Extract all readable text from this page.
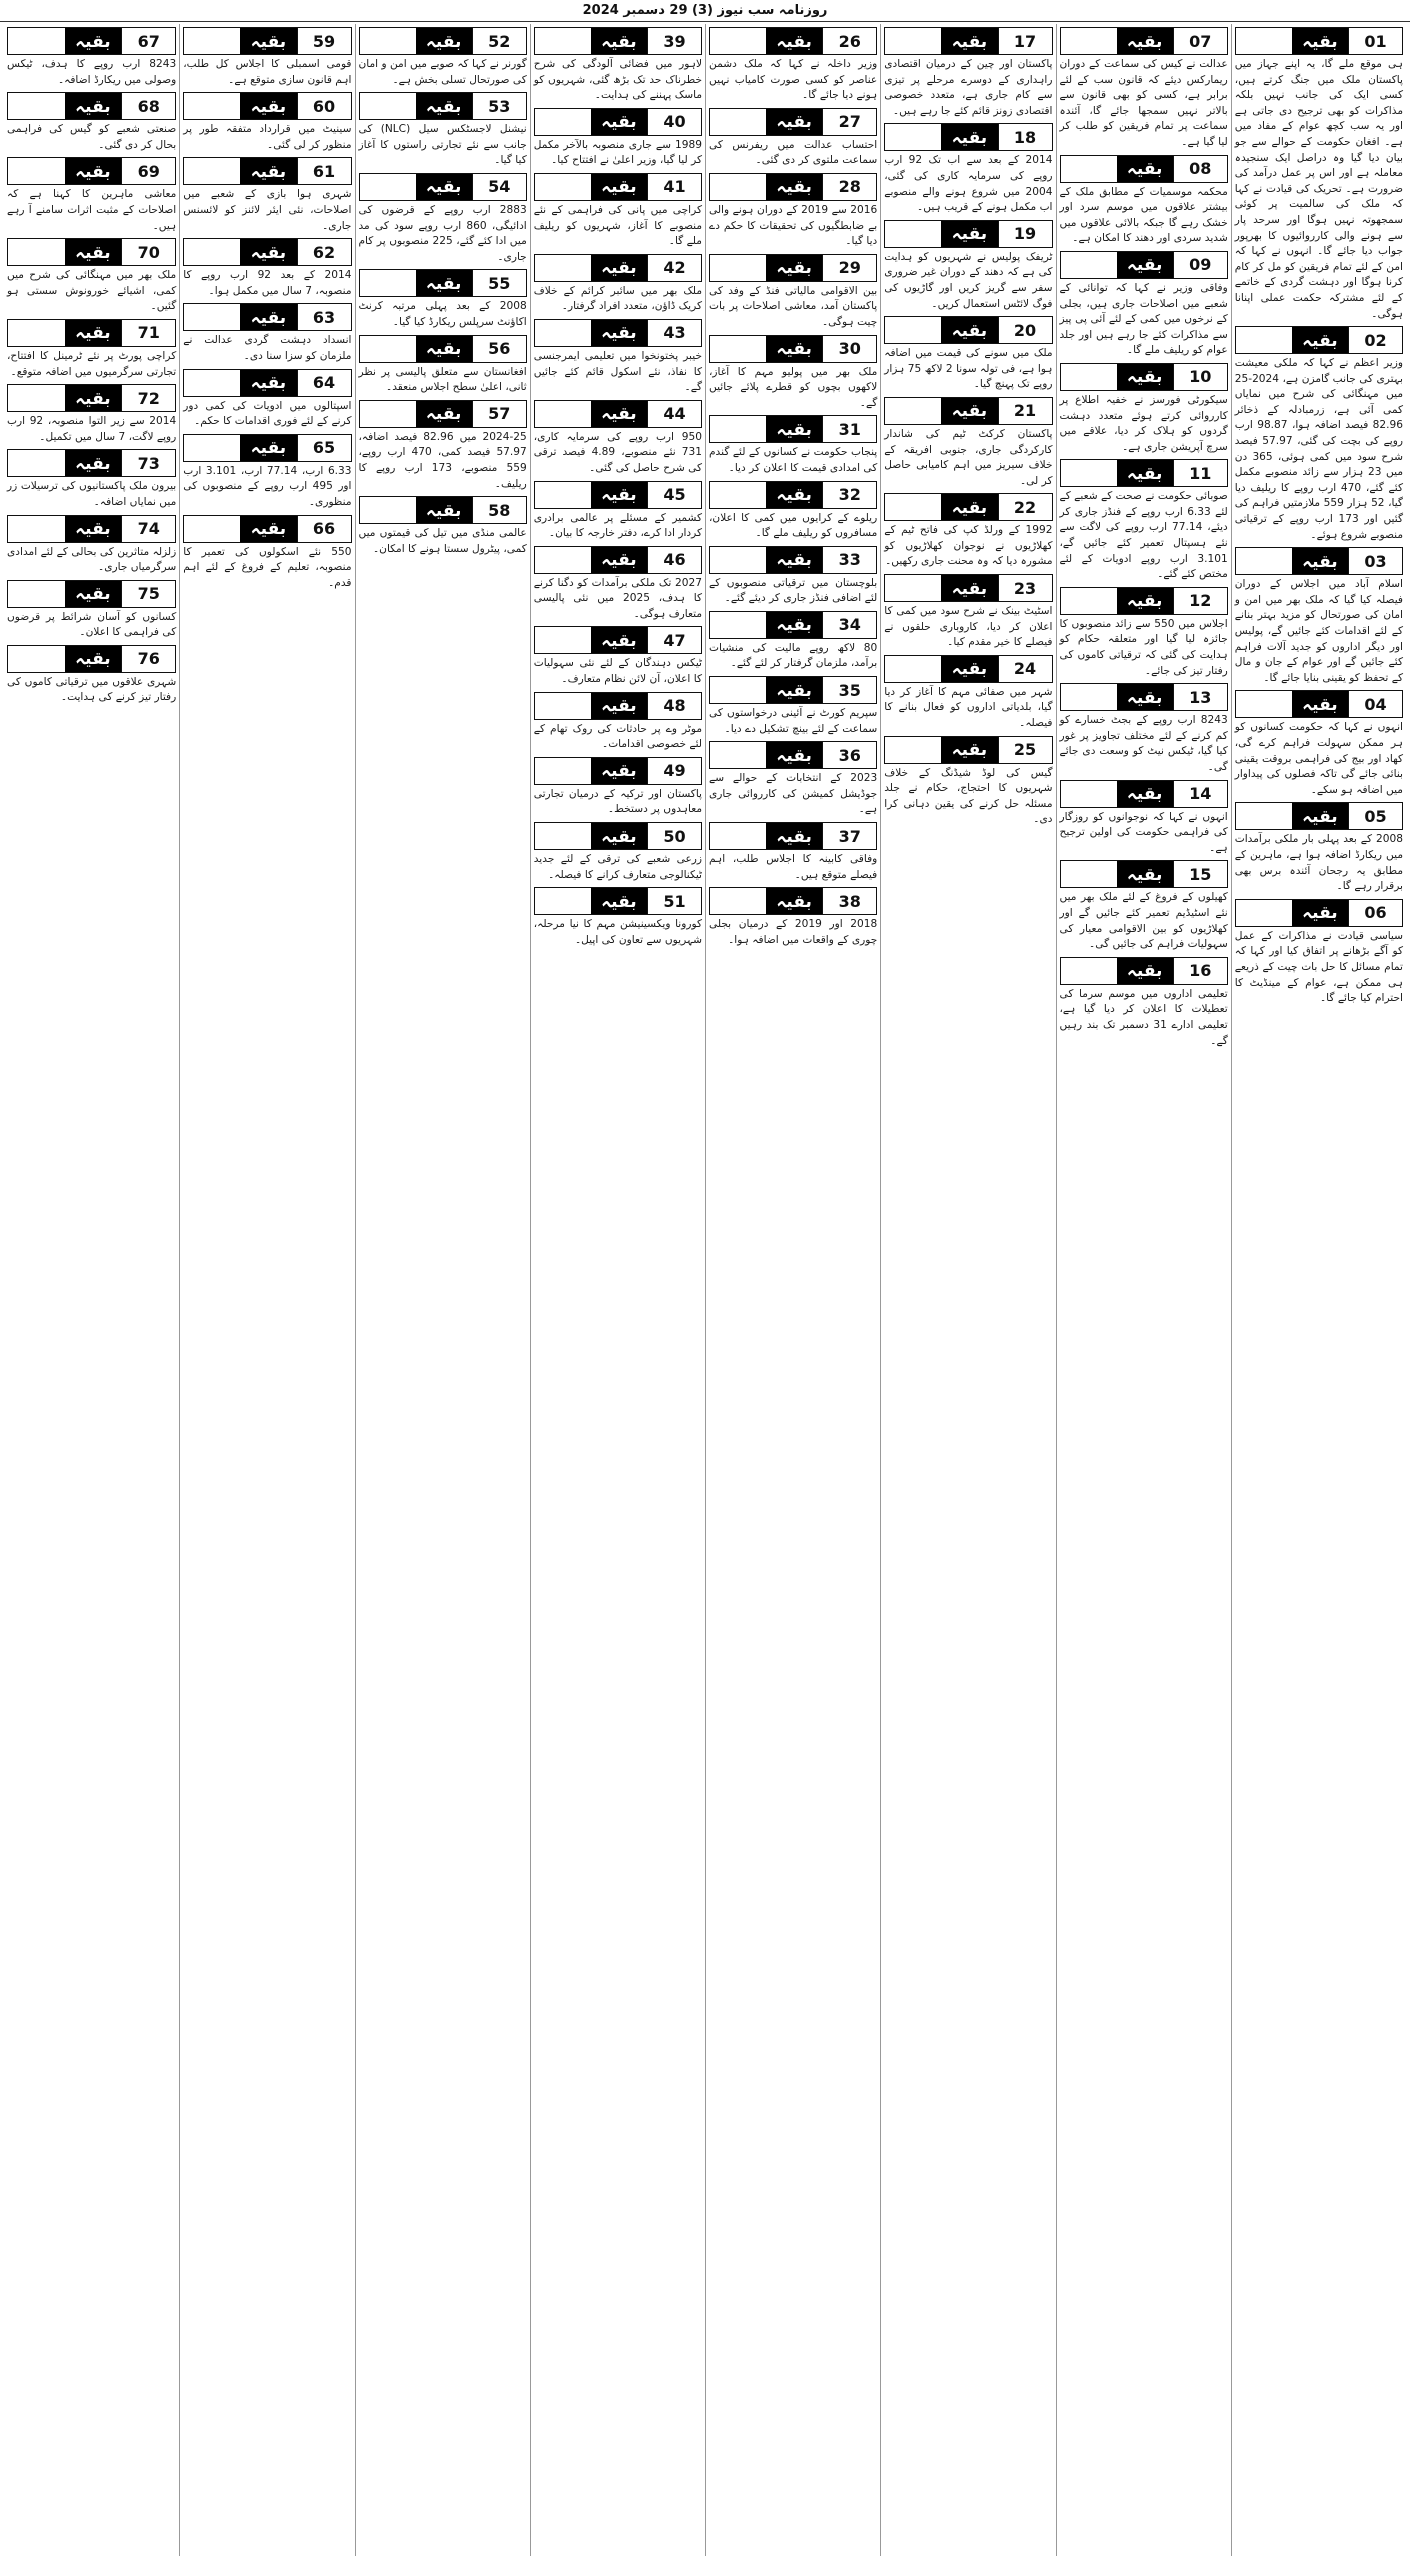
روزنامہ سب نیوز (3) 29 دسمبر 2024
01
بقیہ

ہی موقع ملے گا، یہ اپنے جہاز میں پاکستان ملک میں جنگ کرتے ہیں، کسی ایک کی جانب نہیں بلکہ مذاکرات کو بھی ترجیح دی جاتی ہے اور یہ سب کچھ عوام کے مفاد میں ہے۔ افغان حکومت کے حوالے سے جو بیان دیا گیا وہ دراصل ایک سنجیدہ معاملہ ہے اور اس پر عمل درآمد کی ضرورت ہے۔ تحریک کی قیادت نے کہا کہ ملک کی سالمیت پر کوئی سمجھوتہ نہیں ہوگا اور سرحد پار سے ہونے والی کارروائیوں کا بھرپور جواب دیا جائے گا۔ انہوں نے کہا کہ امن کے لئے تمام فریقین کو مل کر کام کرنا ہوگا اور دہشت گردی کے خاتمے کے لئے مشترکہ حکمت عملی اپنانا ہوگی۔

02
بقیہ

وزیر اعظم نے کہا کہ ملکی معیشت بہتری کی جانب گامزن ہے، 2024-25 میں مہنگائی کی شرح میں نمایاں کمی آئی ہے، زرمبادلہ کے ذخائر 82.96 فیصد اضافہ ہوا، 98.87 ارب روپے کی بچت کی گئی، 57.97 فیصد شرح سود میں کمی ہوئی، 365 دن میں 23 ہزار سے زائد منصوبے مکمل کئے گئے، 470 ارب روپے کا ریلیف دیا گیا، 52 ہزار 559 ملازمتیں فراہم کی گئیں اور 173 ارب روپے کے ترقیاتی منصوبے شروع ہوئے۔

03
بقیہ

اسلام آباد میں اجلاس کے دوران فیصلہ کیا گیا کہ ملک بھر میں امن و امان کی صورتحال کو مزید بہتر بنانے کے لئے اقدامات کئے جائیں گے، پولیس اور دیگر اداروں کو جدید آلات فراہم کئے جائیں گے اور عوام کے جان و مال کے تحفظ کو یقینی بنایا جائے گا۔

04
بقیہ

انہوں نے کہا کہ حکومت کسانوں کو ہر ممکن سہولت فراہم کرے گی، کھاد اور بیج کی فراہمی بروقت یقینی بنائی جائے گی تاکہ فصلوں کی پیداوار میں اضافہ ہو سکے۔

05
بقیہ

2008 کے بعد پہلی بار ملکی برآمدات میں ریکارڈ اضافہ ہوا ہے، ماہرین کے مطابق یہ رجحان آئندہ برس بھی برقرار رہے گا۔

06
بقیہ

سیاسی قیادت نے مذاکرات کے عمل کو آگے بڑھانے پر اتفاق کیا اور کہا کہ تمام مسائل کا حل بات چیت کے ذریعے ہی ممکن ہے، عوام کے مینڈیٹ کا احترام کیا جائے گا۔

07
بقیہ

عدالت نے کیس کی سماعت کے دوران ریمارکس دیئے کہ قانون سب کے لئے برابر ہے، کسی کو بھی قانون سے بالاتر نہیں سمجھا جائے گا، آئندہ سماعت پر تمام فریقین کو طلب کر لیا گیا ہے۔

08
بقیہ

محکمہ موسمیات کے مطابق ملک کے بیشتر علاقوں میں موسم سرد اور خشک رہے گا جبکہ بالائی علاقوں میں شدید سردی اور دھند کا امکان ہے۔

09
بقیہ

وفاقی وزیر نے کہا کہ توانائی کے شعبے میں اصلاحات جاری ہیں، بجلی کے نرخوں میں کمی کے لئے آئی پی پیز سے مذاکرات کئے جا رہے ہیں اور جلد عوام کو ریلیف ملے گا۔

10
بقیہ

سیکورٹی فورسز نے خفیہ اطلاع پر کارروائی کرتے ہوئے متعدد دہشت گردوں کو ہلاک کر دیا، علاقے میں سرچ آپریشن جاری ہے۔

11
بقیہ

صوبائی حکومت نے صحت کے شعبے کے لئے 6.33 ارب روپے کے فنڈز جاری کر دیئے، 77.14 ارب روپے کی لاگت سے نئے ہسپتال تعمیر کئے جائیں گے، 3.101 ارب روپے ادویات کے لئے مختص کئے گئے۔

12
بقیہ

اجلاس میں 550 سے زائد منصوبوں کا جائزہ لیا گیا اور متعلقہ حکام کو ہدایت کی گئی کہ ترقیاتی کاموں کی رفتار تیز کی جائے۔

13
بقیہ

8243 ارب روپے کے بجٹ خسارے کو کم کرنے کے لئے مختلف تجاویز پر غور کیا گیا، ٹیکس نیٹ کو وسعت دی جائے گی۔

14
بقیہ

انہوں نے کہا کہ نوجوانوں کو روزگار کی فراہمی حکومت کی اولین ترجیح ہے۔

15
بقیہ

کھیلوں کے فروغ کے لئے ملک بھر میں نئے اسٹیڈیم تعمیر کئے جائیں گے اور کھلاڑیوں کو بین الاقوامی معیار کی سہولیات فراہم کی جائیں گی۔

16
بقیہ

تعلیمی اداروں میں موسم سرما کی تعطیلات کا اعلان کر دیا گیا ہے، تعلیمی ادارے 31 دسمبر تک بند رہیں گے۔

17
بقیہ

پاکستان اور چین کے درمیان اقتصادی راہداری کے دوسرے مرحلے پر تیزی سے کام جاری ہے، متعدد خصوصی اقتصادی زونز قائم کئے جا رہے ہیں۔

18
بقیہ

2014 کے بعد سے اب تک 92 ارب روپے کی سرمایہ کاری کی گئی، 2004 میں شروع ہونے والے منصوبے اب مکمل ہونے کے قریب ہیں۔

19
بقیہ

ٹریفک پولیس نے شہریوں کو ہدایت کی ہے کہ دھند کے دوران غیر ضروری سفر سے گریز کریں اور گاڑیوں کی فوگ لائٹس استعمال کریں۔

20
بقیہ

ملک میں سونے کی قیمت میں اضافہ ہوا ہے، فی تولہ سونا 2 لاکھ 75 ہزار روپے تک پہنچ گیا۔

21
بقیہ

پاکستان کرکٹ ٹیم کی شاندار کارکردگی جاری، جنوبی افریقہ کے خلاف سیریز میں اہم کامیابی حاصل کر لی۔

22
بقیہ

1992 کے ورلڈ کپ کی فاتح ٹیم کے کھلاڑیوں نے نوجوان کھلاڑیوں کو مشورہ دیا کہ وہ محنت جاری رکھیں۔

23
بقیہ

اسٹیٹ بینک نے شرح سود میں کمی کا اعلان کر دیا، کاروباری حلقوں نے فیصلے کا خیر مقدم کیا۔

24
بقیہ

شہر میں صفائی مہم کا آغاز کر دیا گیا، بلدیاتی اداروں کو فعال بنانے کا فیصلہ۔

25
بقیہ

گیس کی لوڈ شیڈنگ کے خلاف شہریوں کا احتجاج، حکام نے جلد مسئلہ حل کرنے کی یقین دہانی کرا دی۔

26
بقیہ

وزیر داخلہ نے کہا کہ ملک دشمن عناصر کو کسی صورت کامیاب نہیں ہونے دیا جائے گا۔

27
بقیہ

احتساب عدالت میں ریفرنس کی سماعت ملتوی کر دی گئی۔

28
بقیہ

2016 سے 2019 کے دوران ہونے والی بے ضابطگیوں کی تحقیقات کا حکم دے دیا گیا۔

29
بقیہ

بین الاقوامی مالیاتی فنڈ کے وفد کی پاکستان آمد، معاشی اصلاحات پر بات چیت ہوگی۔

30
بقیہ

ملک بھر میں پولیو مہم کا آغاز، لاکھوں بچوں کو قطرے پلائے جائیں گے۔

31
بقیہ

پنجاب حکومت نے کسانوں کے لئے گندم کی امدادی قیمت کا اعلان کر دیا۔

32
بقیہ

ریلوے کے کرایوں میں کمی کا اعلان، مسافروں کو ریلیف ملے گا۔

33
بقیہ

بلوچستان میں ترقیاتی منصوبوں کے لئے اضافی فنڈز جاری کر دیئے گئے۔

34
بقیہ

80 لاکھ روپے مالیت کی منشیات برآمد، ملزمان گرفتار کر لئے گئے۔

35
بقیہ

سپریم کورٹ نے آئینی درخواستوں کی سماعت کے لئے بینچ تشکیل دے دیا۔

36
بقیہ

2023 کے انتخابات کے حوالے سے جوڈیشل کمیشن کی کارروائی جاری ہے۔

37
بقیہ

وفاقی کابینہ کا اجلاس طلب، اہم فیصلے متوقع ہیں۔

38
بقیہ

2018 اور 2019 کے درمیان بجلی چوری کے واقعات میں اضافہ ہوا۔

39
بقیہ

لاہور میں فضائی آلودگی کی شرح خطرناک حد تک بڑھ گئی، شہریوں کو ماسک پہننے کی ہدایت۔

40
بقیہ

1989 سے جاری منصوبہ بالآخر مکمل کر لیا گیا، وزیر اعلیٰ نے افتتاح کیا۔

41
بقیہ

کراچی میں پانی کی فراہمی کے نئے منصوبے کا آغاز، شہریوں کو ریلیف ملے گا۔

42
بقیہ

ملک بھر میں سائبر کرائم کے خلاف کریک ڈاؤن، متعدد افراد گرفتار۔

43
بقیہ

خیبر پختونخوا میں تعلیمی ایمرجنسی کا نفاذ، نئے اسکول قائم کئے جائیں گے۔

44
بقیہ

950 ارب روپے کی سرمایہ کاری، 731 نئے منصوبے، 4.89 فیصد ترقی کی شرح حاصل کی گئی۔

45
بقیہ

کشمیر کے مسئلے پر عالمی برادری کردار ادا کرے، دفتر خارجہ کا بیان۔

46
بقیہ

2027 تک ملکی برآمدات کو دگنا کرنے کا ہدف، 2025 میں نئی پالیسی متعارف ہوگی۔

47
بقیہ

ٹیکس دہندگان کے لئے نئی سہولیات کا اعلان، آن لائن نظام متعارف۔

48
بقیہ

موٹر وے پر حادثات کی روک تھام کے لئے خصوصی اقدامات۔

49
بقیہ

پاکستان اور ترکیہ کے درمیان تجارتی معاہدوں پر دستخط۔

50
بقیہ

زرعی شعبے کی ترقی کے لئے جدید ٹیکنالوجی متعارف کرانے کا فیصلہ۔

51
بقیہ

کورونا ویکسینیشن مہم کا نیا مرحلہ، شہریوں سے تعاون کی اپیل۔

52
بقیہ

گورنر نے کہا کہ صوبے میں امن و امان کی صورتحال تسلی بخش ہے۔

53
بقیہ

نیشنل لاجسٹکس سیل (NLC) کی جانب سے نئے تجارتی راستوں کا آغاز کیا گیا۔

54
بقیہ

2883 ارب روپے کے قرضوں کی ادائیگی، 860 ارب روپے سود کی مد میں ادا کئے گئے، 225 منصوبوں پر کام جاری۔

55
بقیہ

2008 کے بعد پہلی مرتبہ کرنٹ اکاؤنٹ سرپلس ریکارڈ کیا گیا۔

56
بقیہ

افغانستان سے متعلق پالیسی پر نظر ثانی، اعلیٰ سطح اجلاس منعقد۔

57
بقیہ

2024-25 میں 82.96 فیصد اضافہ، 57.97 فیصد کمی، 470 ارب روپے، 559 منصوبے، 173 ارب روپے کا ریلیف۔

58
بقیہ

عالمی منڈی میں تیل کی قیمتوں میں کمی، پیٹرول سستا ہونے کا امکان۔

59
بقیہ

قومی اسمبلی کا اجلاس کل طلب، اہم قانون سازی متوقع ہے۔

60
بقیہ

سینیٹ میں قرارداد متفقہ طور پر منظور کر لی گئی۔

61
بقیہ

شہری ہوا بازی کے شعبے میں اصلاحات، نئی ایئر لائنز کو لائسنس جاری۔

62
بقیہ

2014 کے بعد 92 ارب روپے کا منصوبہ، 7 سال میں مکمل ہوا۔

63
بقیہ

انسداد دہشت گردی عدالت نے ملزمان کو سزا سنا دی۔

64
بقیہ

اسپتالوں میں ادویات کی کمی دور کرنے کے لئے فوری اقدامات کا حکم۔

65
بقیہ

6.33 ارب، 77.14 ارب، 3.101 ارب اور 495 ارب روپے کے منصوبوں کی منظوری۔

66
بقیہ

550 نئے اسکولوں کی تعمیر کا منصوبہ، تعلیم کے فروغ کے لئے اہم قدم۔

67
بقیہ

8243 ارب روپے کا ہدف، ٹیکس وصولی میں ریکارڈ اضافہ۔

68
بقیہ

صنعتی شعبے کو گیس کی فراہمی بحال کر دی گئی۔

69
بقیہ

معاشی ماہرین کا کہنا ہے کہ اصلاحات کے مثبت اثرات سامنے آ رہے ہیں۔

70
بقیہ

ملک بھر میں مہنگائی کی شرح میں کمی، اشیائے خورونوش سستی ہو گئیں۔

71
بقیہ

کراچی پورٹ پر نئے ٹرمینل کا افتتاح، تجارتی سرگرمیوں میں اضافہ متوقع۔

72
بقیہ

2014 سے زیر التوا منصوبہ، 92 ارب روپے لاگت، 7 سال میں تکمیل۔

73
بقیہ

بیرون ملک پاکستانیوں کی ترسیلات زر میں نمایاں اضافہ۔

74
بقیہ

زلزلہ متاثرین کی بحالی کے لئے امدادی سرگرمیاں جاری۔

75
بقیہ

کسانوں کو آسان شرائط پر قرضوں کی فراہمی کا اعلان۔

76
بقیہ

شہری علاقوں میں ترقیاتی کاموں کی رفتار تیز کرنے کی ہدایت۔
